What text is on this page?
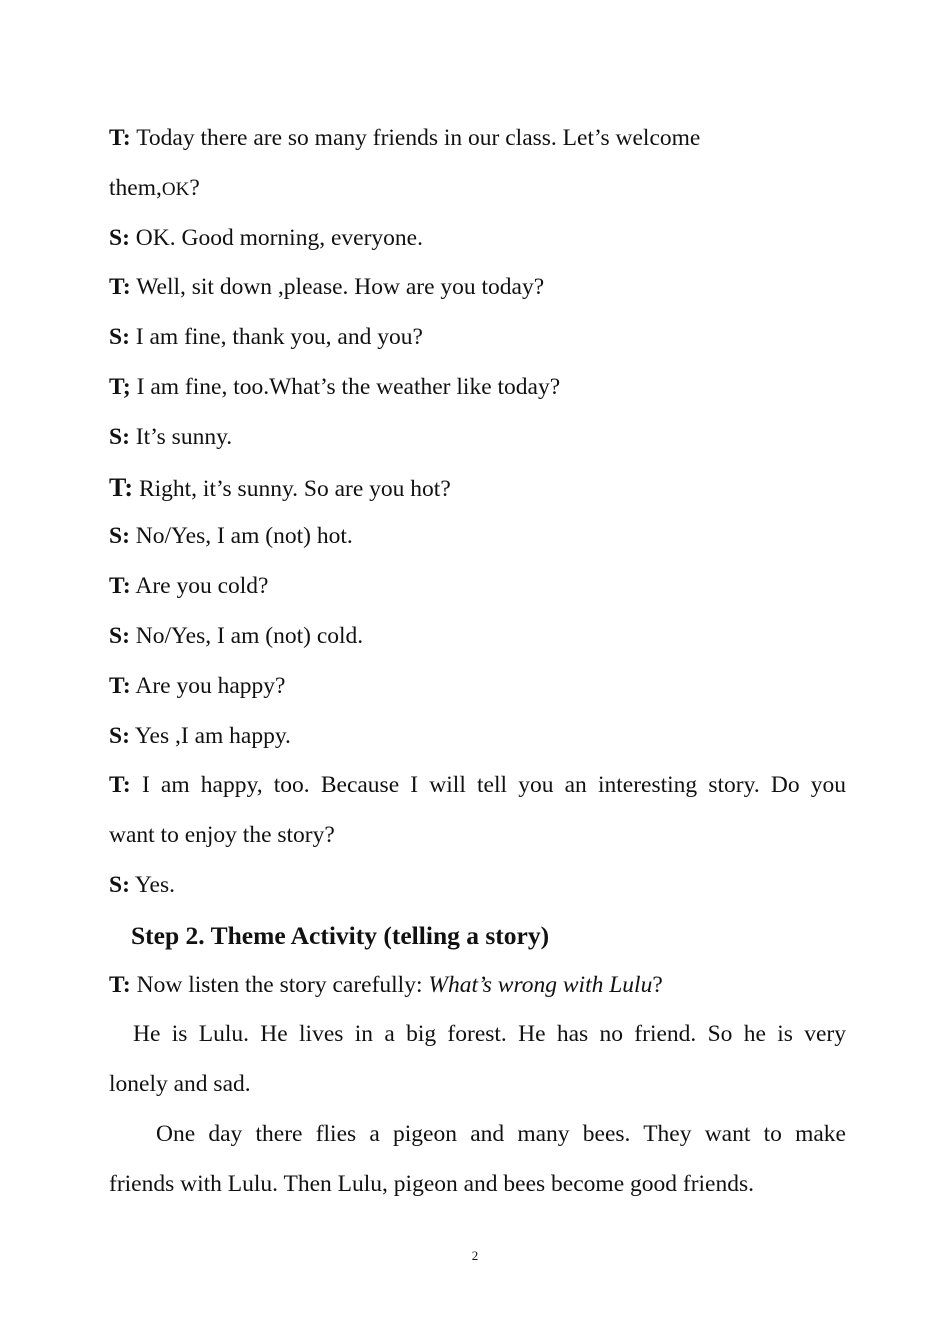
T: Today there are so many friends in our class. Let’s welcome
them,OK?
S: OK. Good morning, everyone.
T: Well, sit down ,please. How are you today?
S: I am fine, thank you, and you?
T; I am fine, too.What’s the weather like today?
S: It’s sunny.
T: Right, it’s sunny. So are you hot?
S: No/Yes, I am (not) hot.
T: Are you cold?
S: No/Yes, I am (not) cold.
T: Are you happy?
S: Yes ,I am happy.
T: I am happy, too. Because I will tell you an interesting story. Do you
want to enjoy the story?
S: Yes.
Step 2. Theme Activity (telling a story)
T: Now listen the story carefully: What’s wrong with Lulu?
He is Lulu. He lives in a big forest. He has no friend. So he is very
lonely and sad.
One day there flies a pigeon and many bees. They want to make
friends with Lulu. Then Lulu, pigeon and bees become good friends.
2
